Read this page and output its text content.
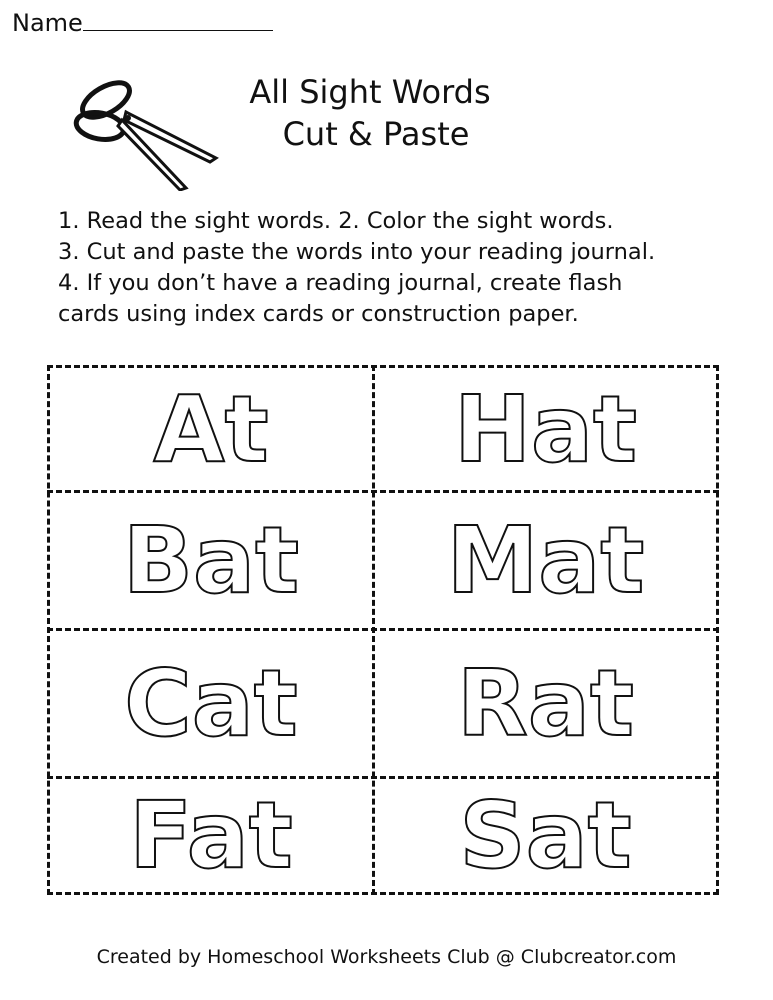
Name
All Sight Words
Cut & Paste
1. Read the sight words. 2. Color the sight words.
3. Cut and paste the words into your reading journal.
4. If you don’t have a reading journal, create flash
cards using index cards or construction paper.
At Hat
Bat Mat
Cat Rat
Fat Sat
Created by Homeschool Worksheets Club @ Clubcreator.com
